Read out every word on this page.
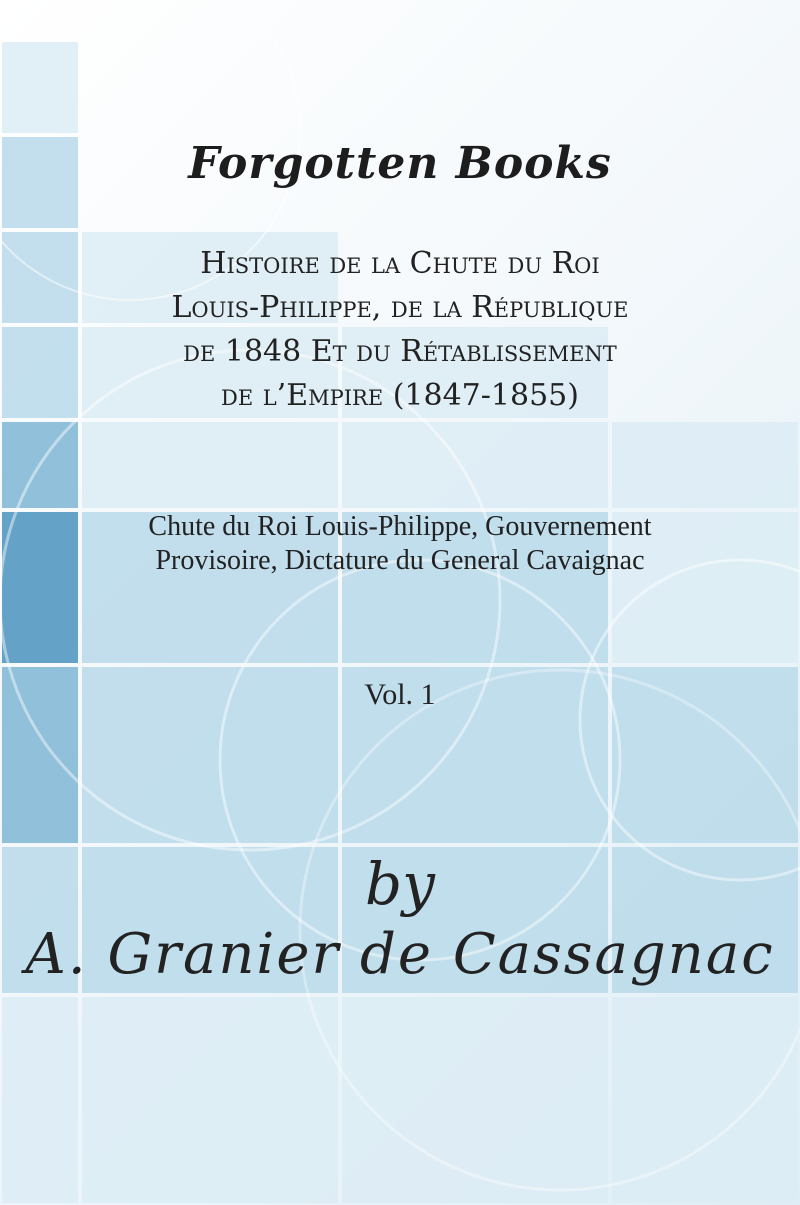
Forgotten Books
Histoire de la Chute du Roi
Louis-Philippe, de la République
de 1848 Et du Rétablissement
de l’Empire (1847-1855)
Chute du Roi Louis-Philippe, Gouvernement
Provisoire, Dictature du General Cavaignac
Vol. 1
by
A. Granier de Cassagnac
